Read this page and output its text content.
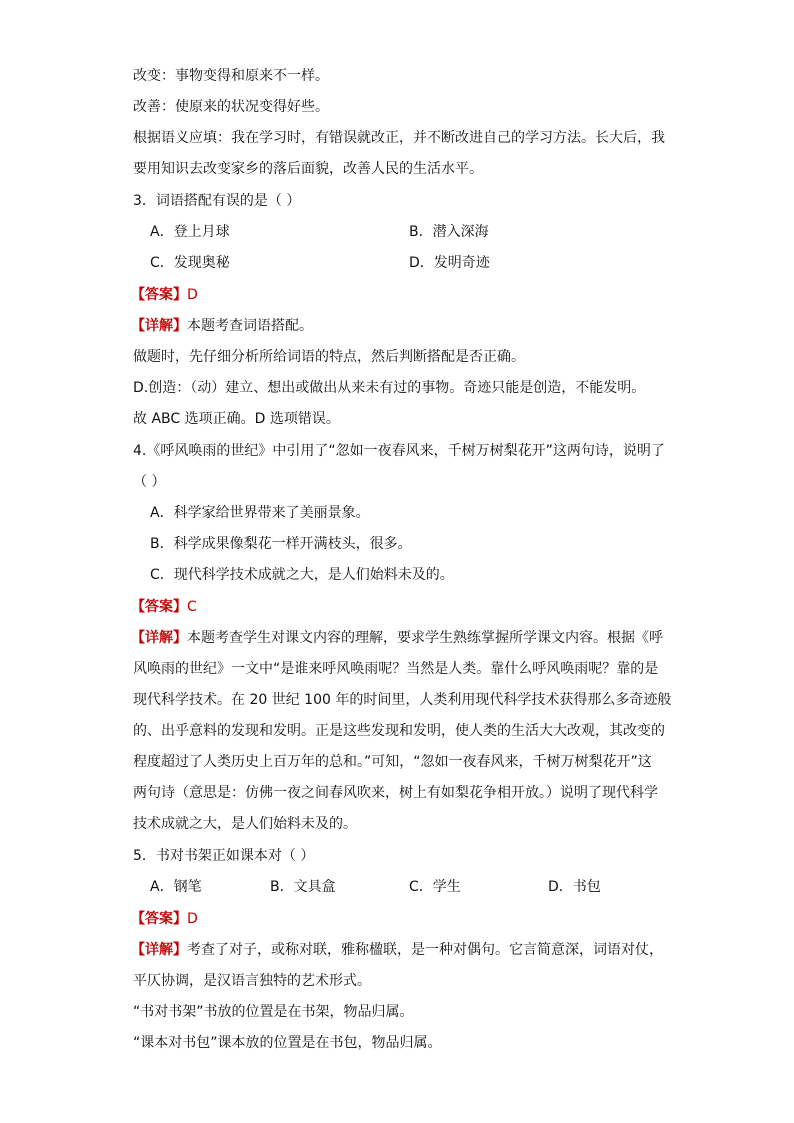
改变：事物变得和原来不一样。
改善：使原来的状况变得好些。
根据语义应填：我在学习时，有错误就改正，并不断改进自己的学习方法。长大后，我
要用知识去改变家乡的落后面貌，改善人民的生活水平。
3．词语搭配有误的是（ ）
A．登上月球	B．潜入深海
C．发现奥秘	D．发明奇迹
【答案】D
【详解】本题考查词语搭配。
做题时，先仔细分析所给词语的特点，然后判断搭配是否正确。
D.创造：（动）建立、想出或做出从来未有过的事物。奇迹只能是创造，不能发明。
故 ABC 选项正确。D 选项错误。
4.《呼风唤雨的世纪》中引用了“忽如一夜春风来，千树万树梨花开”这两句诗，说明了
（ ）
A．科学家给世界带来了美丽景象。
B．科学成果像梨花一样开满枝头，很多。
C．现代科学技术成就之大，是人们始料未及的。
【答案】C
【详解】本题考查学生对课文内容的理解，要求学生熟练掌握所学课文内容。根据《呼
风唤雨的世纪》一文中“是谁来呼风唤雨呢？当然是人类。靠什么呼风唤雨呢？靠的是
现代科学技术。在 20 世纪 100 年的时间里，人类利用现代科学技术获得那么多奇迹般
的、出乎意料的发现和发明。正是这些发现和发明，使人类的生活大大改观，其改变的
程度超过了人类历史上百万年的总和。”可知，“忽如一夜春风来，千树万树梨花开”这
两句诗（意思是：仿佛一夜之间春风吹来，树上有如梨花争相开放。）说明了现代科学
技术成就之大，是人们始料未及的。
5．书对书架正如课本对（ ）
A．钢笔	B．文具盒	C．学生	D．书包
【答案】D
【详解】考查了对子，或称对联，雅称楹联，是一种对偶句。它言简意深，词语对仗，
平仄协调，是汉语言独特的艺术形式。
“书对书架”书放的位置是在书架，物品归属。
“课本对书包”课本放的位置是在书包，物品归属。
